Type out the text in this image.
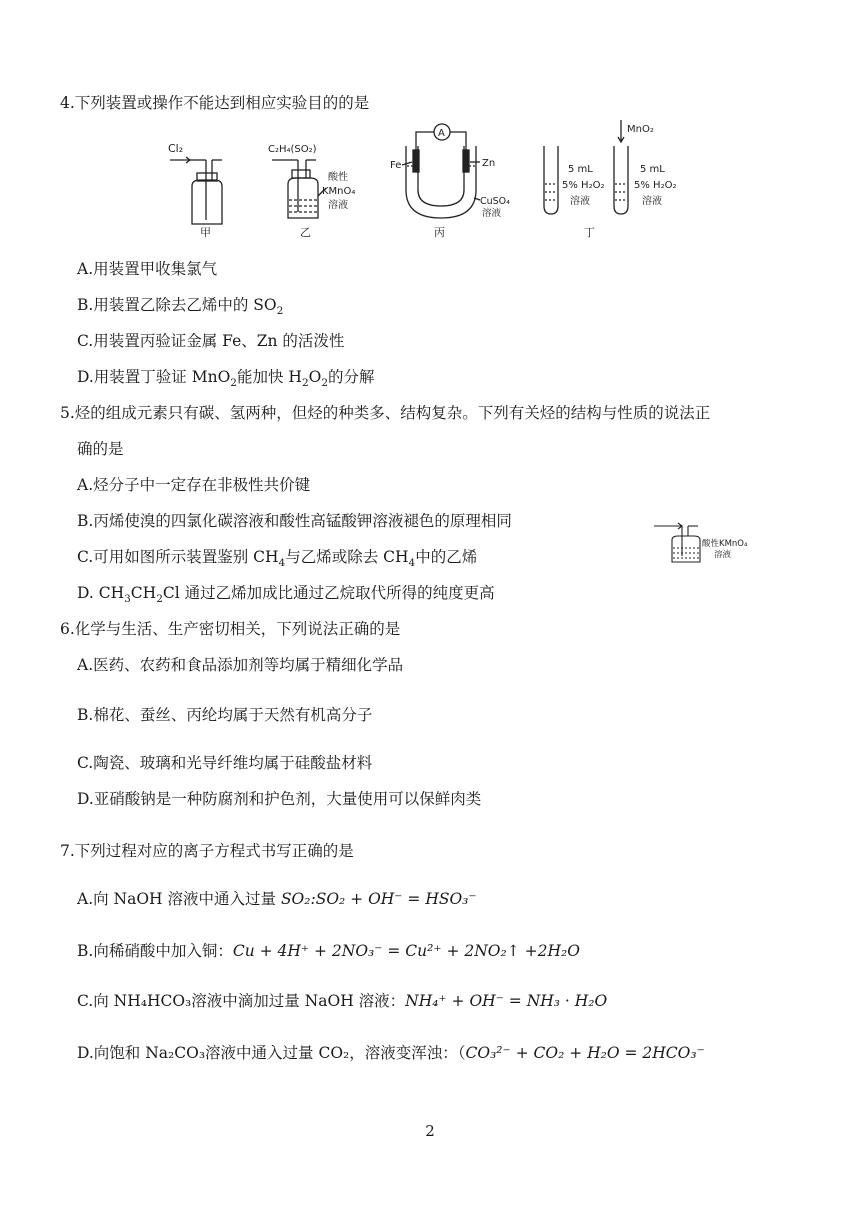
4.下列装置或操作不能达到相应实验目的的是
Cl₂
甲
C₂H₄(SO₂)
酸性
KMnO₄
溶液
乙
A
Fe	Zn
CuSO₄
溶液
丙
MnO₂
5 mL
5% H₂O₂
溶液
5 mL
5% H₂O₂
溶液
丁
A.用装置甲收集氯气
B.用装置乙除去乙烯中的 $SO_2$
C.用装置丙验证金属 Fe、Zn 的活泼性
D.用装置丁验证 MnO$_2$能加快 $H_2O_2$的分解
5.烃的组成元素只有碳、氢两种，但烃的种类多、结构复杂。下列有关烃的结构与性质的说法正
确的是
A.烃分子中一定存在非极性共价键
B.丙烯使溴的四氯化碳溶液和酸性高锰酸钾溶液褪色的原理相同
酸性KMnO₄
溶液
C.可用如图所示装置鉴别 $CH_4$与乙烯或除去 $CH_4$中的乙烯
D. $CH_3CH_2Cl$ 通过乙烯加成比通过乙烷取代所得的纯度更高
6.化学与生活、生产密切相关，下列说法正确的是
A.医药、农药和食品添加剂等均属于精细化学品
B.棉花、蚕丝、丙纶均属于天然有机高分子
C.陶瓷、玻璃和光导纤维均属于硅酸盐材料
D.亚硝酸钠是一种防腐剂和护色剂，大量使用可以保鲜肉类
7.下列过程对应的离子方程式书写正确的是
A.向 NaOH 溶液中通入过量 SO₂:SO₂ + OH⁻ = HSO₃⁻
B.向稀硝酸中加入铜：Cu + 4H⁺ + 2NO₃⁻ = Cu²⁺ + 2NO₂↑ +2H₂O
C.向 NH₄HCO₃溶液中滴加过量 NaOH 溶液：NH₄⁺ + OH⁻ = NH₃ · H₂O
D.向饱和 Na₂CO₃溶液中通入过量 CO₂，溶液变浑浊：（CO₃²⁻ + CO₂ + H₂O = 2HCO₃⁻
2
